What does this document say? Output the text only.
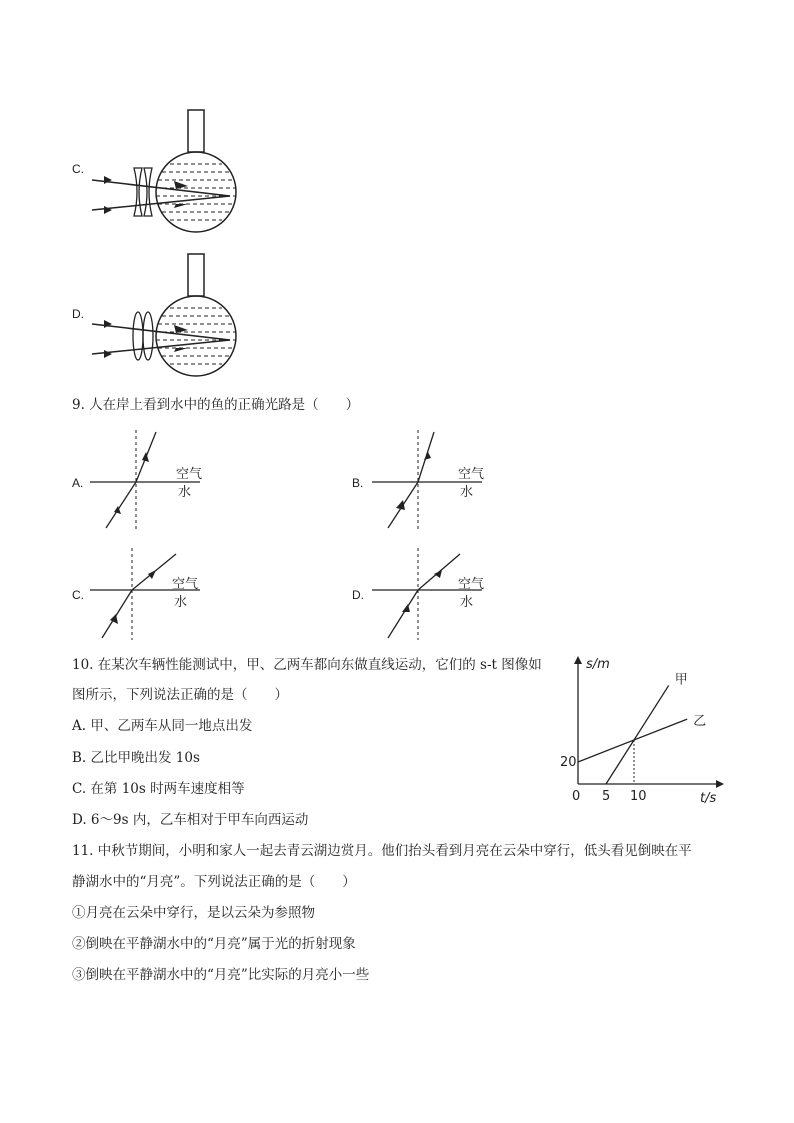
C.
D.
9. 人在岸上看到水中的鱼的正确光路是（　　）
A.
空气
水
B.
空气
水
C.
空气
水	D.
空气
水
10. 在某次车辆性能测试中，甲、乙两车都向东做直线运动，它们的 s-t 图像如
图所示，下列说法正确的是（　　）
A. 甲、乙两车从同一地点出发
B. 乙比甲晚出发 10s
C. 在第 10s 时两车速度相等
D. 6～9s 内，乙车相对于甲车向西运动
s/m
t/s
甲
乙
0 5 10
20
11. 中秋节期间，小明和家人一起去青云湖边赏月。他们抬头看到月亮在云朵中穿行，低头看见倒映在平
静湖水中的“月亮”。下列说法正确的是（　　）
①月亮在云朵中穿行，是以云朵为参照物
②倒映在平静湖水中的“月亮”属于光的折射现象
③倒映在平静湖水中的“月亮”比实际的月亮小一些
